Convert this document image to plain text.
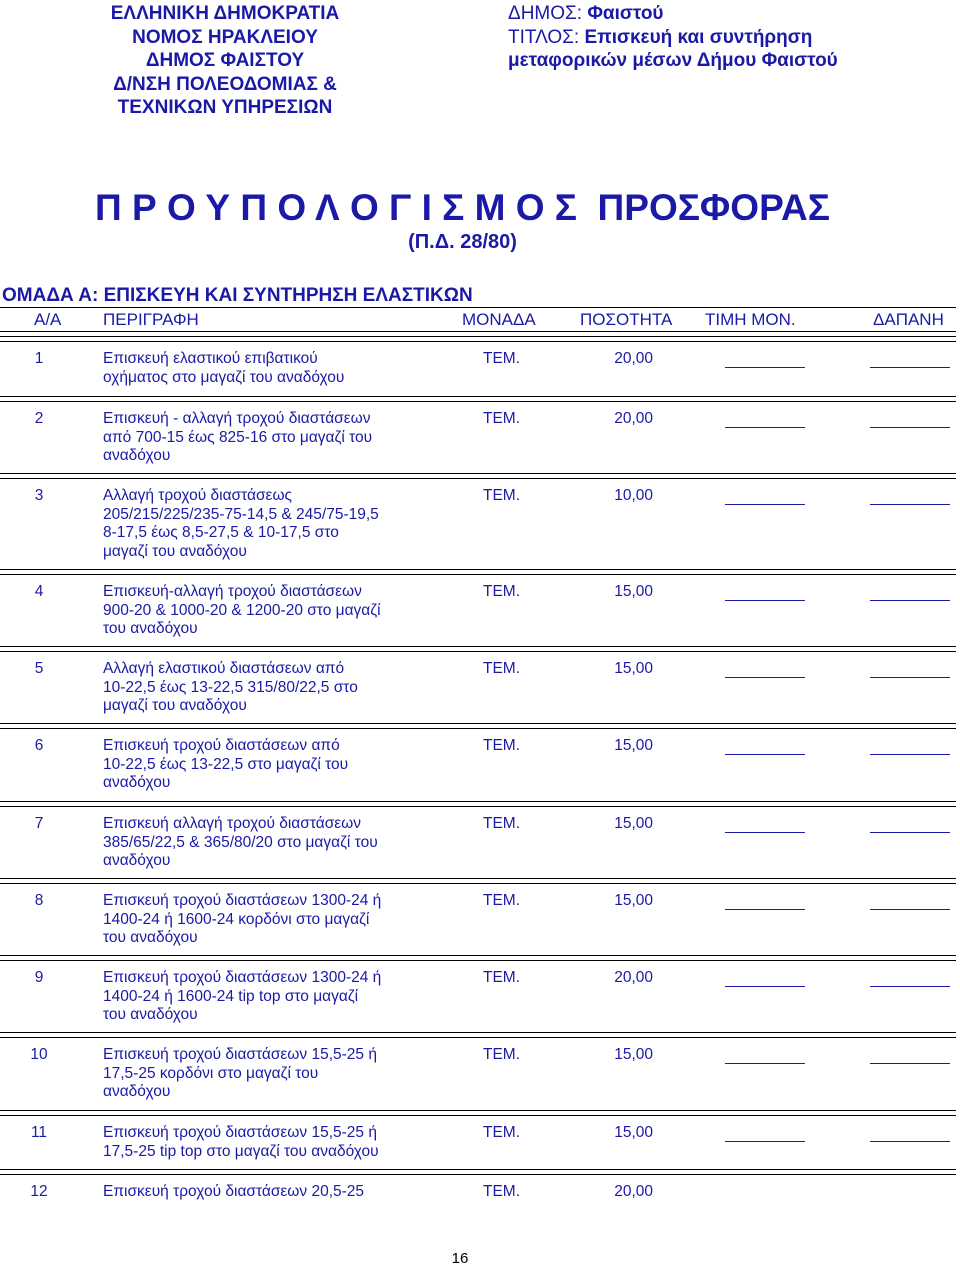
ΕΛΛΗΝΙΚΗ ΔΗΜΟΚΡΑΤΙΑ
ΝΟΜΟΣ ΗΡΑΚΛΕΙΟΥ
ΔΗΜΟΣ ΦΑΙΣΤΟΥ
Δ/ΝΣΗ ΠΟΛΕΟΔΟΜΙΑΣ &
ΤΕΧΝΙΚΩΝ ΥΠΗΡΕΣΙΩΝ
ΔΗΜΟΣ: Φαιστού
ΤΙΤΛΟΣ: Επισκευή και συντήρηση
μεταφορικών μέσων Δήμου Φαιστού
Π Ρ Ο Υ Π Ο Λ Ο Γ Ι Σ Μ Ο Σ  ΠΡΟΣΦΟΡΑΣ
(Π.Δ. 28/80)
ΟΜΑΔΑ Α: ΕΠΙΣΚΕΥΗ ΚΑΙ ΣΥΝΤΗΡΗΣΗ ΕΛΑΣΤΙΚΩΝ
Α/Α ΠΕΡΙΓΡΑΦΗ	ΜΟΝΑΔΑ	ΠΟΣΟΤΗΤΑ ΤΙΜΗ ΜΟΝ.	ΔΑΠΑΝΗ
1	Επισκευή ελαστικού επιβατικού
οχήματος στο μαγαζί του αναδόχου
ΤΕΜ.	20,00
2	Επισκευή - αλλαγή τροχού διαστάσεων
από 700-15 έως 825-16 στο μαγαζί του
αναδόχου
ΤΕΜ.	20,00
3	Αλλαγή τροχού διαστάσεως
205/215/225/235-75-14,5 & 245/75-19,5
8-17,5 έως 8,5-27,5 & 10-17,5 στο
μαγαζί του αναδόχου
ΤΕΜ.	10,00
4	Επισκευή-αλλαγή τροχού διαστάσεων
900-20 & 1000-20 & 1200-20 στο μαγαζί
του αναδόχου
ΤΕΜ.	15,00
5	Αλλαγή ελαστικού διαστάσεων από
10-22,5 έως 13-22,5 315/80/22,5 στο
μαγαζί του αναδόχου
ΤΕΜ.	15,00
6	Επισκευή τροχού διαστάσεων από
10-22,5 έως 13-22,5 στο μαγαζί του
αναδόχου
ΤΕΜ.	15,00
7	Επισκευή αλλαγή τροχού διαστάσεων
385/65/22,5 & 365/80/20 στο μαγαζί του
αναδόχου
ΤΕΜ.	15,00
8	Επισκευή τροχού διαστάσεων 1300-24 ή
1400-24 ή 1600-24 κορδόνι στο μαγαζί
του αναδόχου
ΤΕΜ.	15,00
9	Επισκευή τροχού διαστάσεων 1300-24 ή
1400-24 ή 1600-24 tip top στο μαγαζί
του αναδόχου
ΤΕΜ.	20,00
10	Επισκευή τροχού διαστάσεων 15,5-25 ή
17,5-25 κορδόνι στο μαγαζί του
αναδόχου
ΤΕΜ.	15,00
11	Επισκευή τροχού διαστάσεων 15,5-25 ή
17,5-25 tip top στο μαγαζί του αναδόχου
ΤΕΜ.	15,00
12	Επισκευή τροχού διαστάσεων 20,5-25	ΤΕΜ.	20,00
16
